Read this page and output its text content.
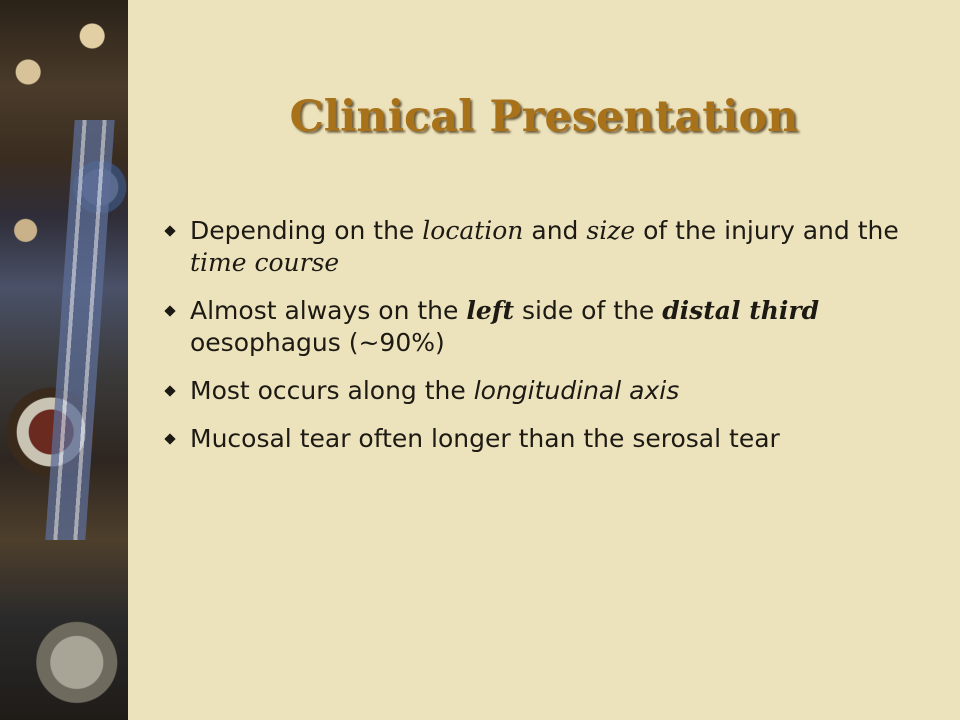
Clinical Presentation
Depending on the location and size of the injury and the time course
Almost always on the left side of the distal third oesophagus (~90%)
Most occurs along the longitudinal axis
Mucosal tear often longer than the serosal tear
